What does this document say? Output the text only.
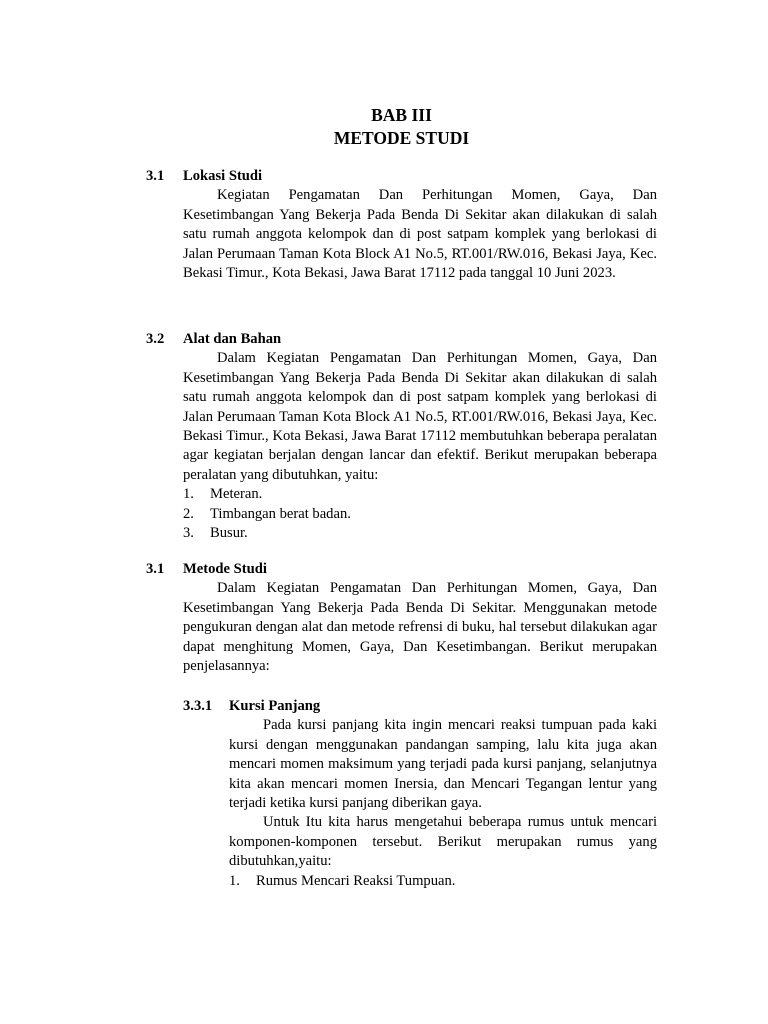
BAB III
METODE STUDI
3.1 Lokasi Studi

Kegiatan Pengamatan Dan Perhitungan Momen, Gaya, Dan Kesetimbangan Yang Bekerja Pada Benda Di Sekitar akan dilakukan di salah satu rumah anggota kelompok dan di post satpam komplek yang berlokasi di Jalan Perumaan Taman Kota Block A1 No.5, RT.001/RW.016, Bekasi Jaya, Kec. Bekasi Timur., Kota Bekasi, Jawa Barat 17112 pada tanggal 10 Juni 2023.

3.2 Alat dan Bahan

Dalam Kegiatan Pengamatan Dan Perhitungan Momen, Gaya, Dan Kesetimbangan Yang Bekerja Pada Benda Di Sekitar akan dilakukan di salah satu rumah anggota kelompok dan di post satpam komplek yang berlokasi di Jalan Perumaan Taman Kota Block A1 No.5, RT.001/RW.016, Bekasi Jaya, Kec. Bekasi Timur., Kota Bekasi, Jawa Barat 17112 membutuhkan beberapa peralatan agar kegiatan berjalan dengan lancar dan efektif. Berikut merupakan beberapa peralatan yang dibutuhkan, yaitu:

1. Meteran.
2. Timbangan berat badan.
3. Busur.
3.1 Metode Studi

Dalam Kegiatan Pengamatan Dan Perhitungan Momen, Gaya, Dan Kesetimbangan Yang Bekerja Pada Benda Di Sekitar. Menggunakan metode pengukuran dengan alat dan metode refrensi di buku, hal tersebut dilakukan agar dapat menghitung Momen, Gaya, Dan Kesetimbangan. Berikut merupakan penjelasannya:

3.3.1 Kursi Panjang

Pada kursi panjang kita ingin mencari reaksi tumpuan pada kaki kursi dengan menggunakan pandangan samping, lalu kita juga akan mencari momen maksimum yang terjadi pada kursi panjang, selanjutnya kita akan mencari momen Inersia, dan Mencari Tegangan lentur yang terjadi ketika kursi panjang diberikan gaya.

Untuk Itu kita harus mengetahui beberapa rumus untuk mencari komponen-komponen tersebut. Berikut merupakan rumus yang dibutuhkan,yaitu:

1. Rumus Mencari Reaksi Tumpuan.
